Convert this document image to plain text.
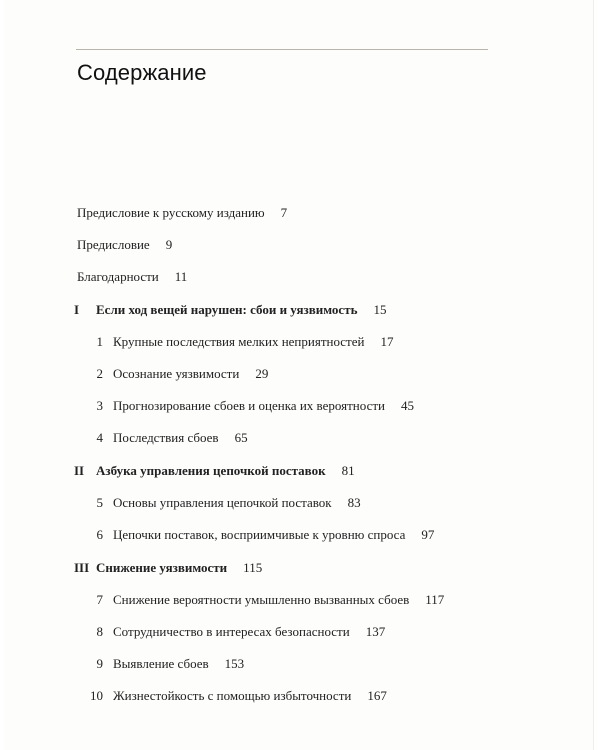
Содержание
Предисловие к русскому изданию 7
Предисловие 9
Благодарности 11
I	Если ход вещей нарушен: сбои и уязвимость 15
1 Крупные последствия мелких неприятностей 17
2 Осознание уязвимости 29
3 Прогнозирование сбоев и оценка их вероятности 45
4 Последствия сбоев 65
II Азбука управления цепочкой поставок 81
5 Основы управления цепочкой поставок 83
6 Цепочки поставок, восприимчивые к уровню спроса 97
III Снижение уязвимости 115
7 Снижение вероятности умышленно вызванных сбоев 117
8 Сотрудничество в интересах безопасности 137
9 Выявление сбоев 153
10 Жизнестойкость с помощью избыточности 167
